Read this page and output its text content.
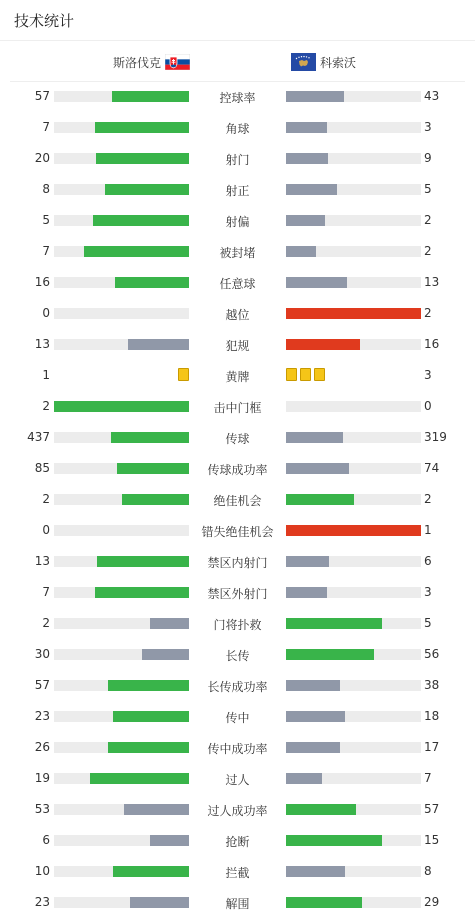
技术统计
斯洛伐克	科索沃
57	控球率	43
7	角球	3
20	射门	9
8	射正	5
5	射偏	2
7	被封堵	2
16	任意球	13
0	越位	2
13	犯规	16
1	黄牌	3
2	击中门框	0
437	传球	319
85	传球成功率	74
2	绝佳机会	2
0	错失绝佳机会	1
13	禁区内射门	6
7	禁区外射门	3
2	门将扑救	5
30	长传	56
57	长传成功率	38
23	传中	18
26	传中成功率	17
19	过人	7
53	过人成功率	57
6	抢断	15
10	拦截	8
23	解围	29
